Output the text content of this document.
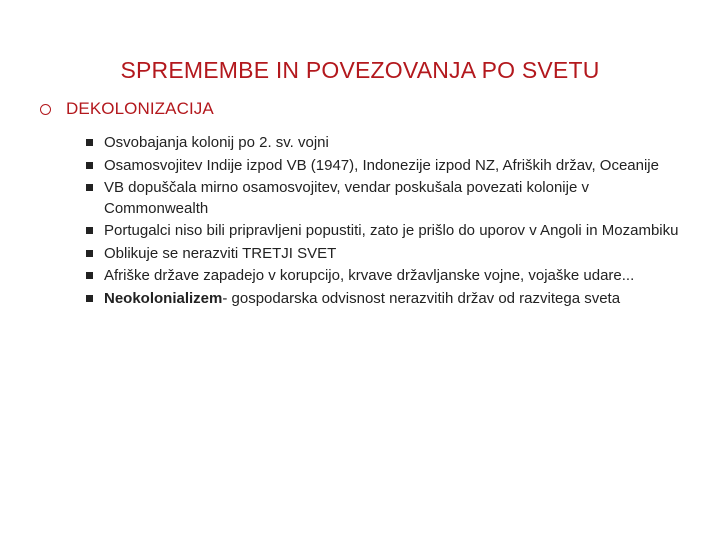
SPREMEMBE IN POVEZOVANJA PO SVETU
DEKOLONIZACIJA
Osvobajanja kolonij po 2. sv. vojni
Osamosvojitev Indije izpod VB (1947), Indonezije izpod NZ, Afriških držav, Oceanije
VB dopuščala mirno osamosvojitev, vendar poskušala povezati kolonije v Commonwealth
Portugalci niso bili pripravljeni popustiti, zato je prišlo do uporov v Angoli in Mozambiku
Oblikuje se nerazviti TRETJI SVET
Afriške države zapadejo v korupcijo, krvave državljanske vojne, vojaške udare...
Neokolonializem- gospodarska odvisnost nerazvitih držav od razvitega sveta
